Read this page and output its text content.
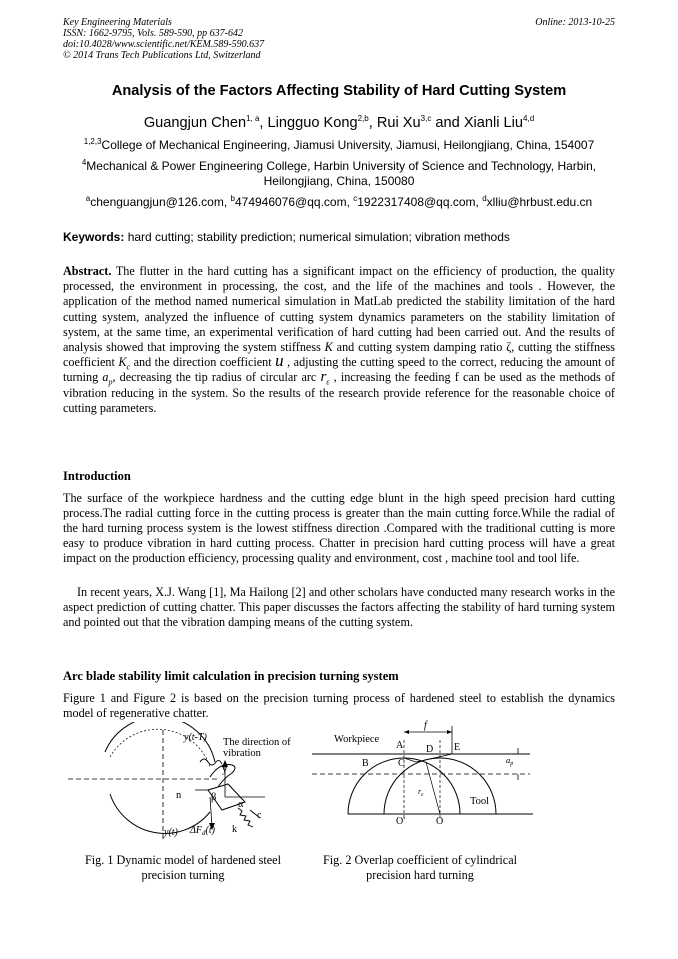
Key Engineering Materials
ISSN: 1662-9795, Vols. 589-590, pp 637-642
doi:10.4028/www.scientific.net/KEM.589-590.637
© 2014 Trans Tech Publications Ltd, Switzerland
Online: 2013-10-25
Analysis of the Factors Affecting Stability of Hard Cutting System
Guangjun Chen$^{1, a}$, Lingguo Kong$^{2,b}$, Rui Xu$^{3,c}$ and Xianli Liu$^{4,d}$
$^{1,2,3}$College of Mechanical Engineering, Jiamusi University, Jiamusi, Heilongjiang, China, 154007
$^4$Mechanical & Power Engineering College, Harbin University of Science and Technology, Harbin,
Heilongjiang, China, 150080
$^a$chenguangjun@126.com, $^b$474946076@qq.com, $^c$1922317408@qq.com, $^d$xlliu@hrbust.edu.cn
Keywords: hard cutting; stability prediction; numerical simulation; vibration methods
Abstract. The flutter in the hard cutting has a significant impact on the efficiency of production, the quality processed, the environment in processing, the cost, and the life of the machines and tools . However, the application of the method named numerical simulation in MatLab predicted the stability limitation of the hard cutting system, analyzed the influence of cutting system dynamics parameters on the stability limitation of system, at the same time, an experimental verification of hard cutting had been carried out. And the results of analysis showed that improving the system stiffness K and cutting system damping ratio ζ, cutting the stiffness coefficient $K_c$ and the direction coefficient u , adjusting the cutting speed to the correct, reducing the amount of turning $a_p$, decreasing the tip radius of circular arc $r_\varepsilon$ , increasing the feeding f can be used as the methods of vibration reducing in the system. So the results of the research provide reference for the reasonable choice of cutting parameters.
Introduction
The surface of the workpiece hardness and the cutting edge blunt in the high speed precision hard cutting process.The radial cutting force in the cutting process is greater than the main cutting force.While the radial of the hard turning process system is the lowest stiffness direction .Compared with the traditional cutting is more easy to produce vibration in hard cutting process. Chatter in precision hard cutting process will have a great impact on the production efficiency, processing quality and environment, cost , machine tool and tool life.
In recent years, X.J. Wang [1], Ma Hailong [2] and other scholars have conducted many research works in the aspect prediction of cutting chatter. This paper discusses the factors affecting the stability of hard turning system and pointed out that the vibration damping means of the cutting system.
Arc blade stability limit calculation in precision turning system
Figure 1 and Figure 2 is based on the precision turning process of hardened steel to establish the dynamics model of regenerative chatter.
y(t-T) The direction of
vibration
y
n	β
α
c
k
y(t) $\Delta F_d(t)$
f
Workpiece
A D E
B	C	$a_p$
$r_\varepsilon$
Tool
O'	O
Fig. 1 Dynamic model of hardened steel
precision turning
Fig. 2 Overlap coefficient of cylindrical
precision hard turning
